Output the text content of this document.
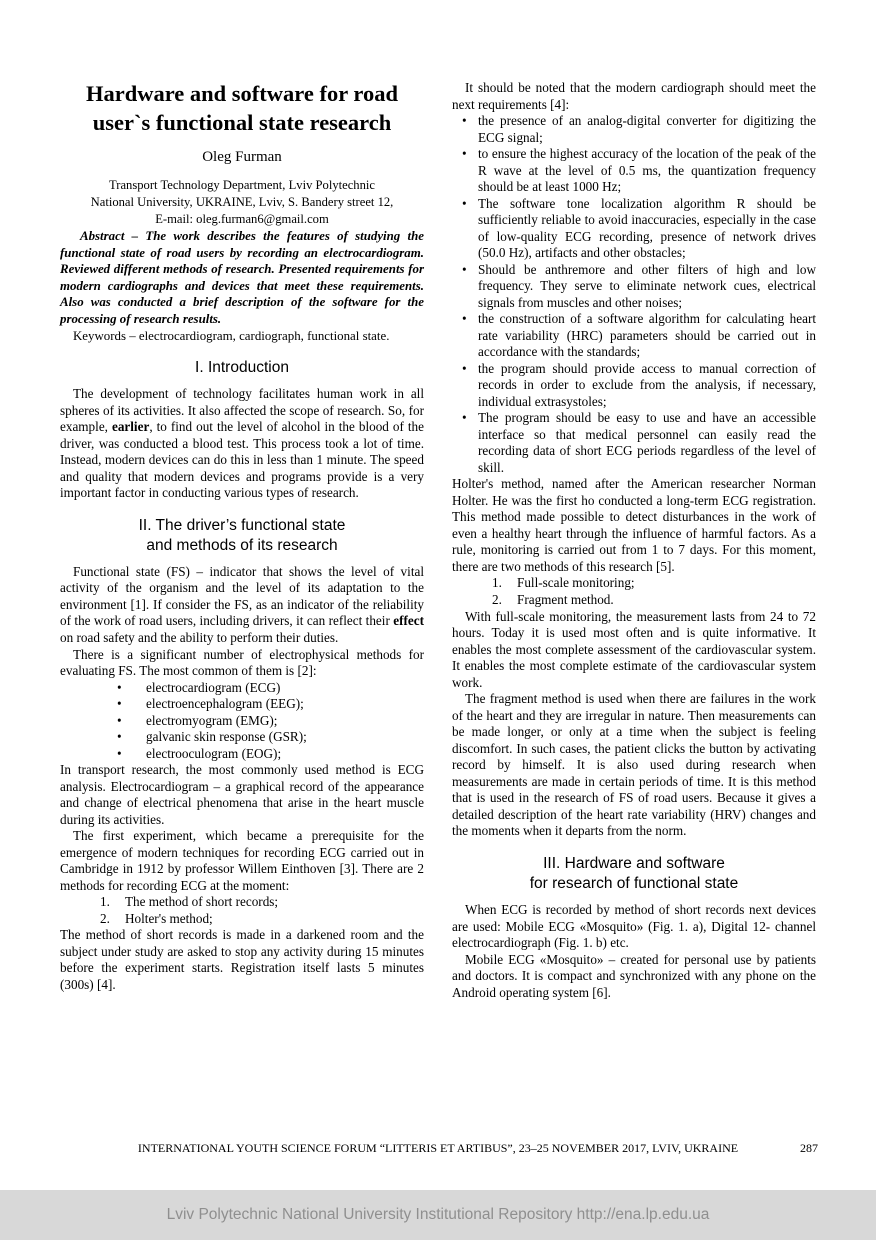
Hardware and software for road user`s functional state research
Oleg Furman
Transport Technology Department, Lviv Polytechnic
National University, UKRAINE, Lviv, S. Bandery street 12,
E-mail: oleg.furman6@gmail.com

Abstract – The work describes the features of studying the functional state of road users by recording an electrocardiogram. Reviewed different methods of research. Presented requirements for modern cardiographs and devices that meet these requirements. Also was conducted a brief description of the software for the processing of research results.

Keywords – electrocardiogram, cardiograph, functional state.

I. Introduction

The development of technology facilitates human work in all spheres of its activities. It also affected the scope of research. So, for example, earlier, to find out the level of alcohol in the blood of the driver, was conducted a blood test. This process took a lot of time. Instead, modern devices can do this in less than 1 minute. The speed and quality that modern devices and programs provide is a very important factor in conducting various types of research.

II. The driver’s functional state
and methods of its research

Functional state (FS) – indicator that shows the level of vital activity of the organism and the level of its adaptation to the environment [1]. If consider the FS, as an indicator of the reliability of the work of road users, including drivers, it can reflect their effect on road safety and the ability to perform their duties.

There is a significant number of electrophysical methods for evaluating FS. The most common of them is [2]:

• electrocardiogram (ECG)
• electroencephalogram (EEG);
• electromyogram (EMG);
• galvanic skin response (GSR);
• electrooculogram (EOG);

In transport research, the most commonly used method is ECG analysis. Electrocardiogram – a graphical record of the appearance and change of electrical phenomena that arise in the heart muscle during its activities.

The first experiment, which became a prerequisite for the emergence of modern techniques for recording ECG carried out in Cambridge in 1912 by professor Willem Einthoven [3]. There are 2 methods for recording ECG at the moment:

1. The method of short records;
2. Holter's method;

The method of short records is made in a darkened room and the subject under study are asked to stop any activity during 15 minutes before the experiment starts. Registration itself lasts 5 minutes (300s) [4].

It should be noted that the modern cardiograph should meet the next requirements [4]:

• the presence of an analog-digital converter for digitizing the ECG signal;
• to ensure the highest accuracy of the location of the peak of the R wave at the level of 0.5 ms, the quantization frequency should be at least 1000 Hz;
• The software tone localization algorithm R should be sufficiently reliable to avoid inaccuracies, especially in the case of low-quality ECG recording, presence of network drives (50.0 Hz), artifacts and other obstacles;
• Should be anthremore and other filters of high and low frequency. They serve to eliminate network cues, electrical signals from muscles and other noises;
• the construction of a software algorithm for calculating heart rate variability (HRC) parameters should be carried out in accordance with the standards;
• the program should provide access to manual correction of records in order to exclude from the analysis, if necessary, individual extrasystoles;
• The program should be easy to use and have an accessible interface so that medical personnel can easily read the recording data of short ECG periods regardless of the level of skill.

Holter's method, named after the American researcher Norman Holter. He was the first ho conducted a long-term ECG registration. This method made possible to detect disturbances in the work of even a healthy heart through the influence of harmful factors. As a rule, monitoring is carried out from 1 to 7 days. For this moment, there are two methods of this research [5].

1. Full-scale monitoring;
2. Fragment method.

With full-scale monitoring, the measurement lasts from 24 to 72 hours. Today it is used most often and is quite informative. It enables the most complete assessment of the cardiovascular system. It enables the most complete estimate of the cardiovascular system work.

The fragment method is used when there are failures in the work of the heart and they are irregular in nature. Then measurements can be made longer, or only at a time when the subject is feeling discomfort. In such cases, the patient clicks the button by activating record by himself. It is also used during research when measurements are made in certain periods of time. It is this method that is used in the research of FS of road users. Because it gives a detailed description of the heart rate variability (HRV) changes and the moments when it departs from the norm.

III. Hardware and software
for research of functional state

When ECG is recorded by method of short records next devices are used: Mobile ECG «Mosquito» (Fig. 1. a), Digital 12- channel electrocardiograph (Fig. 1. b) etc.

Mobile ECG «Mosquito» – created for personal use by patients and doctors. It is compact and synchronized with any phone on the Android operating system [6].

INTERNATIONAL YOUTH SCIENCE FORUM “LITTERIS ET ARTIBUS”, 23–25 NOVEMBER 2017, LVIV, UKRAINE	287
Lviv Polytechnic National University Institutional Repository http://ena.lp.edu.ua
